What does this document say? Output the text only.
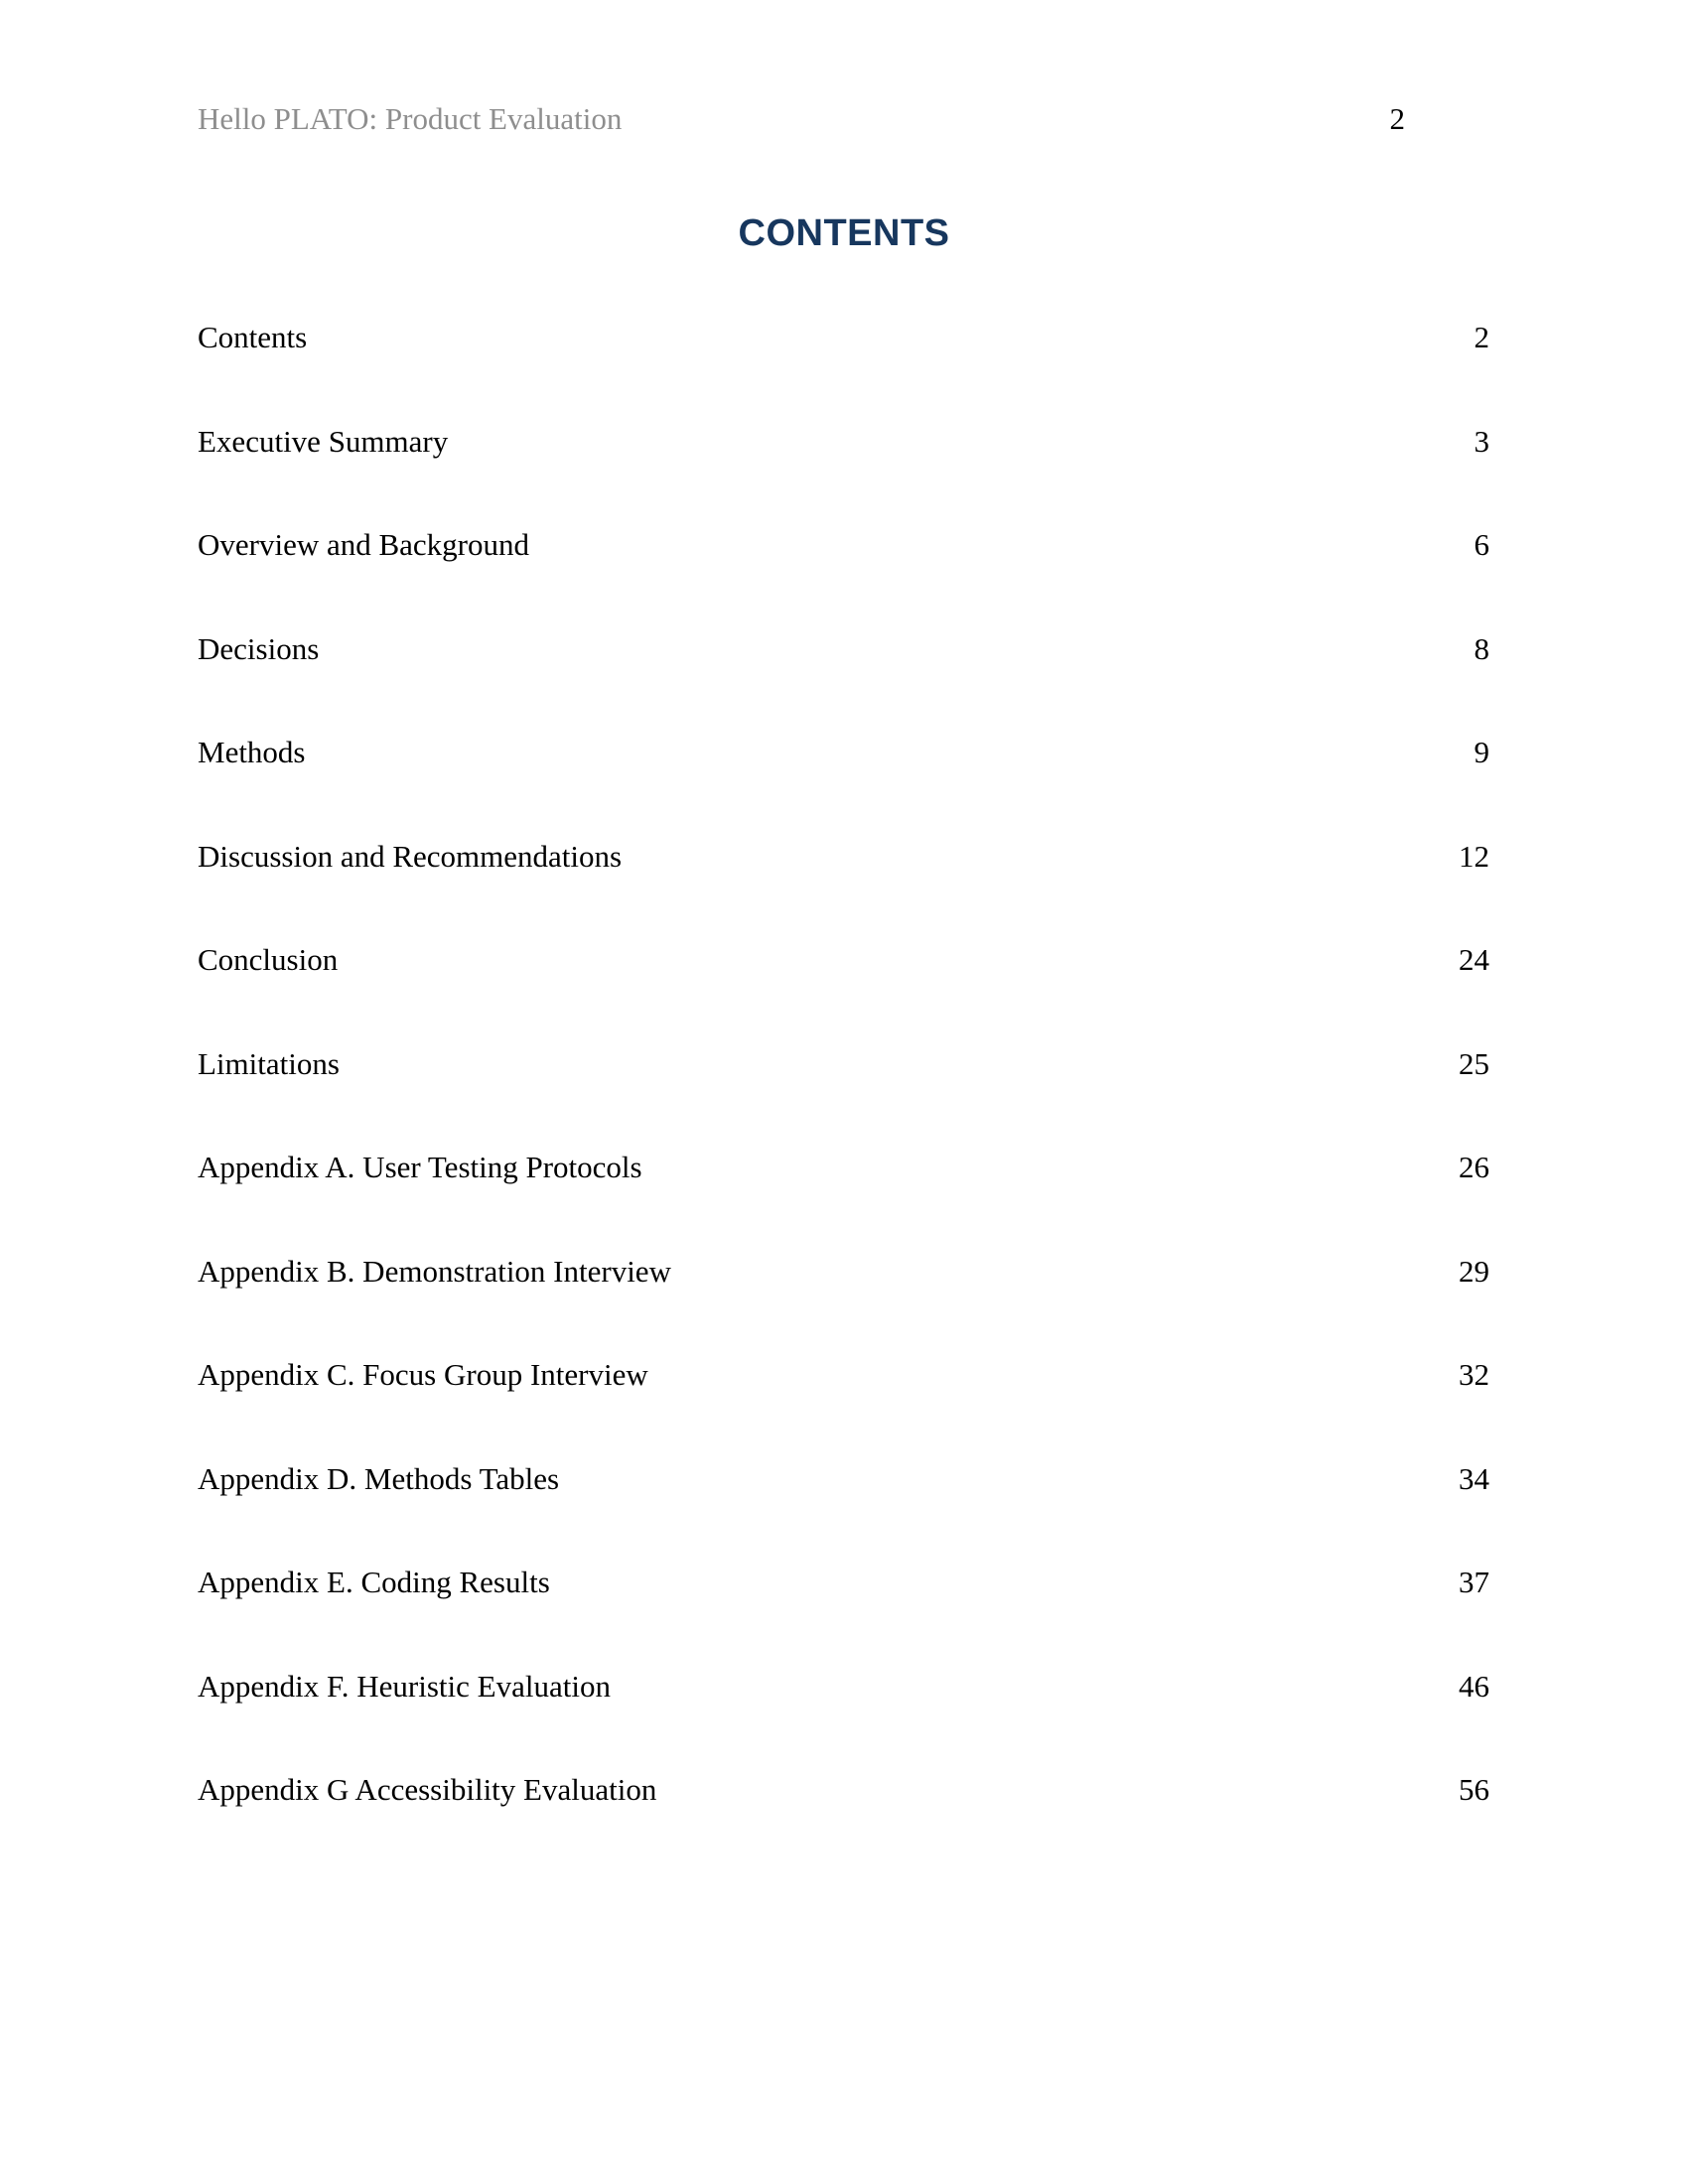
Hello PLATO: Product Evaluation	2
CONTENTS
Contents	2
Executive Summary	3
Overview and Background	6
Decisions	8
Methods	9
Discussion and Recommendations	12
Conclusion	24
Limitations	25
Appendix A. User Testing Protocols	26
Appendix B. Demonstration Interview	29
Appendix C. Focus Group Interview	32
Appendix D. Methods Tables	34
Appendix E. Coding Results	37
Appendix F. Heuristic Evaluation	46
Appendix G Accessibility Evaluation	56
